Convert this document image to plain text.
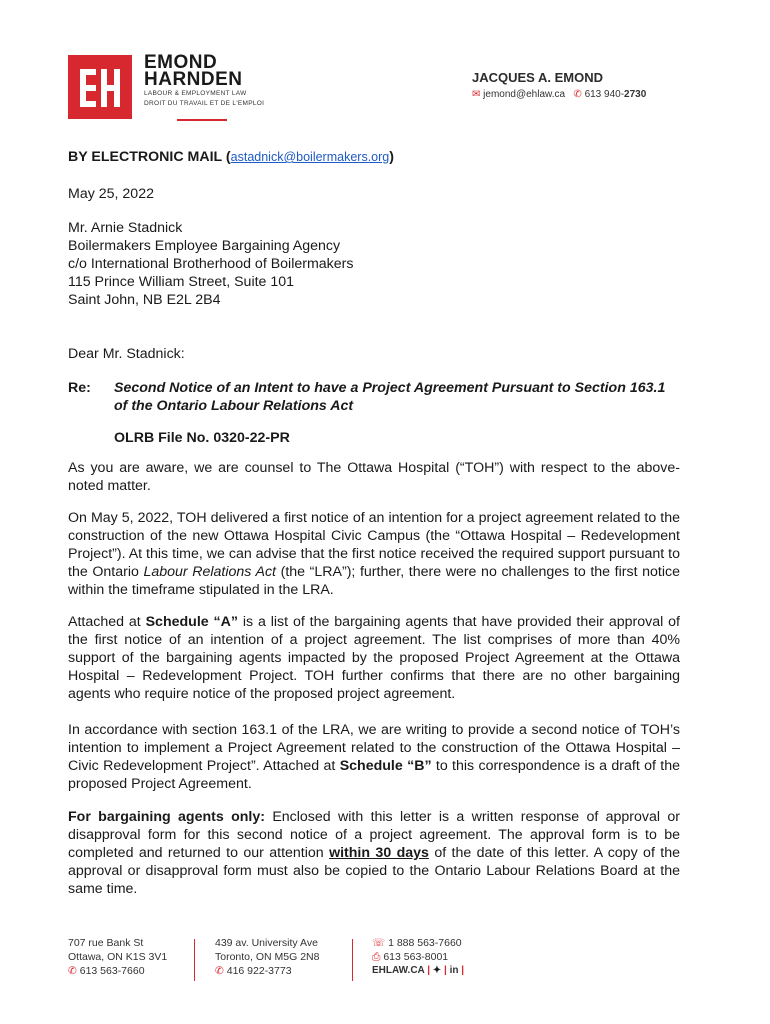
EMOND
HARNDEN
LABOUR & EMPLOYMENT LAW
DROIT DU TRAVAIL ET DE L'EMPLOI
JACQUES A. EMOND
✉ jemond@ehlaw.ca ✆ 613 940-2730
BY ELECTRONIC MAIL (astadnick@boilermakers.org)
May 25, 2022
Mr. Arnie Stadnick
Boilermakers Employee Bargaining Agency
c/o International Brotherhood of Boilermakers
115 Prince William Street, Suite 101
Saint John, NB E2L 2B4
Dear Mr. Stadnick:
Re: Second Notice of an Intent to have a Project Agreement Pursuant to Section 163.1 of the Ontario Labour Relations Act
OLRB File No. 0320-22-PR
As you are aware, we are counsel to The Ottawa Hospital (“TOH”) with respect to the above-noted matter.
On May 5, 2022, TOH delivered a first notice of an intention for a project agreement related to the construction of the new Ottawa Hospital Civic Campus (the “Ottawa Hospital – Redevelopment Project”). At this time, we can advise that the first notice received the required support pursuant to the Ontario Labour Relations Act (the “LRA”); further, there were no challenges to the first notice within the timeframe stipulated in the LRA.
Attached at Schedule “A” is a list of the bargaining agents that have provided their approval of the first notice of an intention of a project agreement. The list comprises of more than 40% support of the bargaining agents impacted by the proposed Project Agreement at the Ottawa Hospital – Redevelopment Project. TOH further confirms that there are no other bargaining agents who require notice of the proposed project agreement.
In accordance with section 163.1 of the LRA, we are writing to provide a second notice of TOH’s intention to implement a Project Agreement related to the construction of the Ottawa Hospital – Civic Redevelopment Project”. Attached at Schedule “B” to this correspondence is a draft of the proposed Project Agreement.
For bargaining agents only: Enclosed with this letter is a written response of approval or disapproval form for this second notice of a project agreement. The approval form is to be completed and returned to our attention within 30 days of the date of this letter. A copy of the approval or disapproval form must also be copied to the Ontario Labour Relations Board at the same time.
707 rue Bank St
Ottawa, ON K1S 3V1
✆ 613 563-7660
439 av. University Ave
Toronto, ON M5G 2N8
✆ 416 922-3773
☏ 1 888 563-7660
⎙ 613 563-8001
EHLAW.CA | ✦ | in |
